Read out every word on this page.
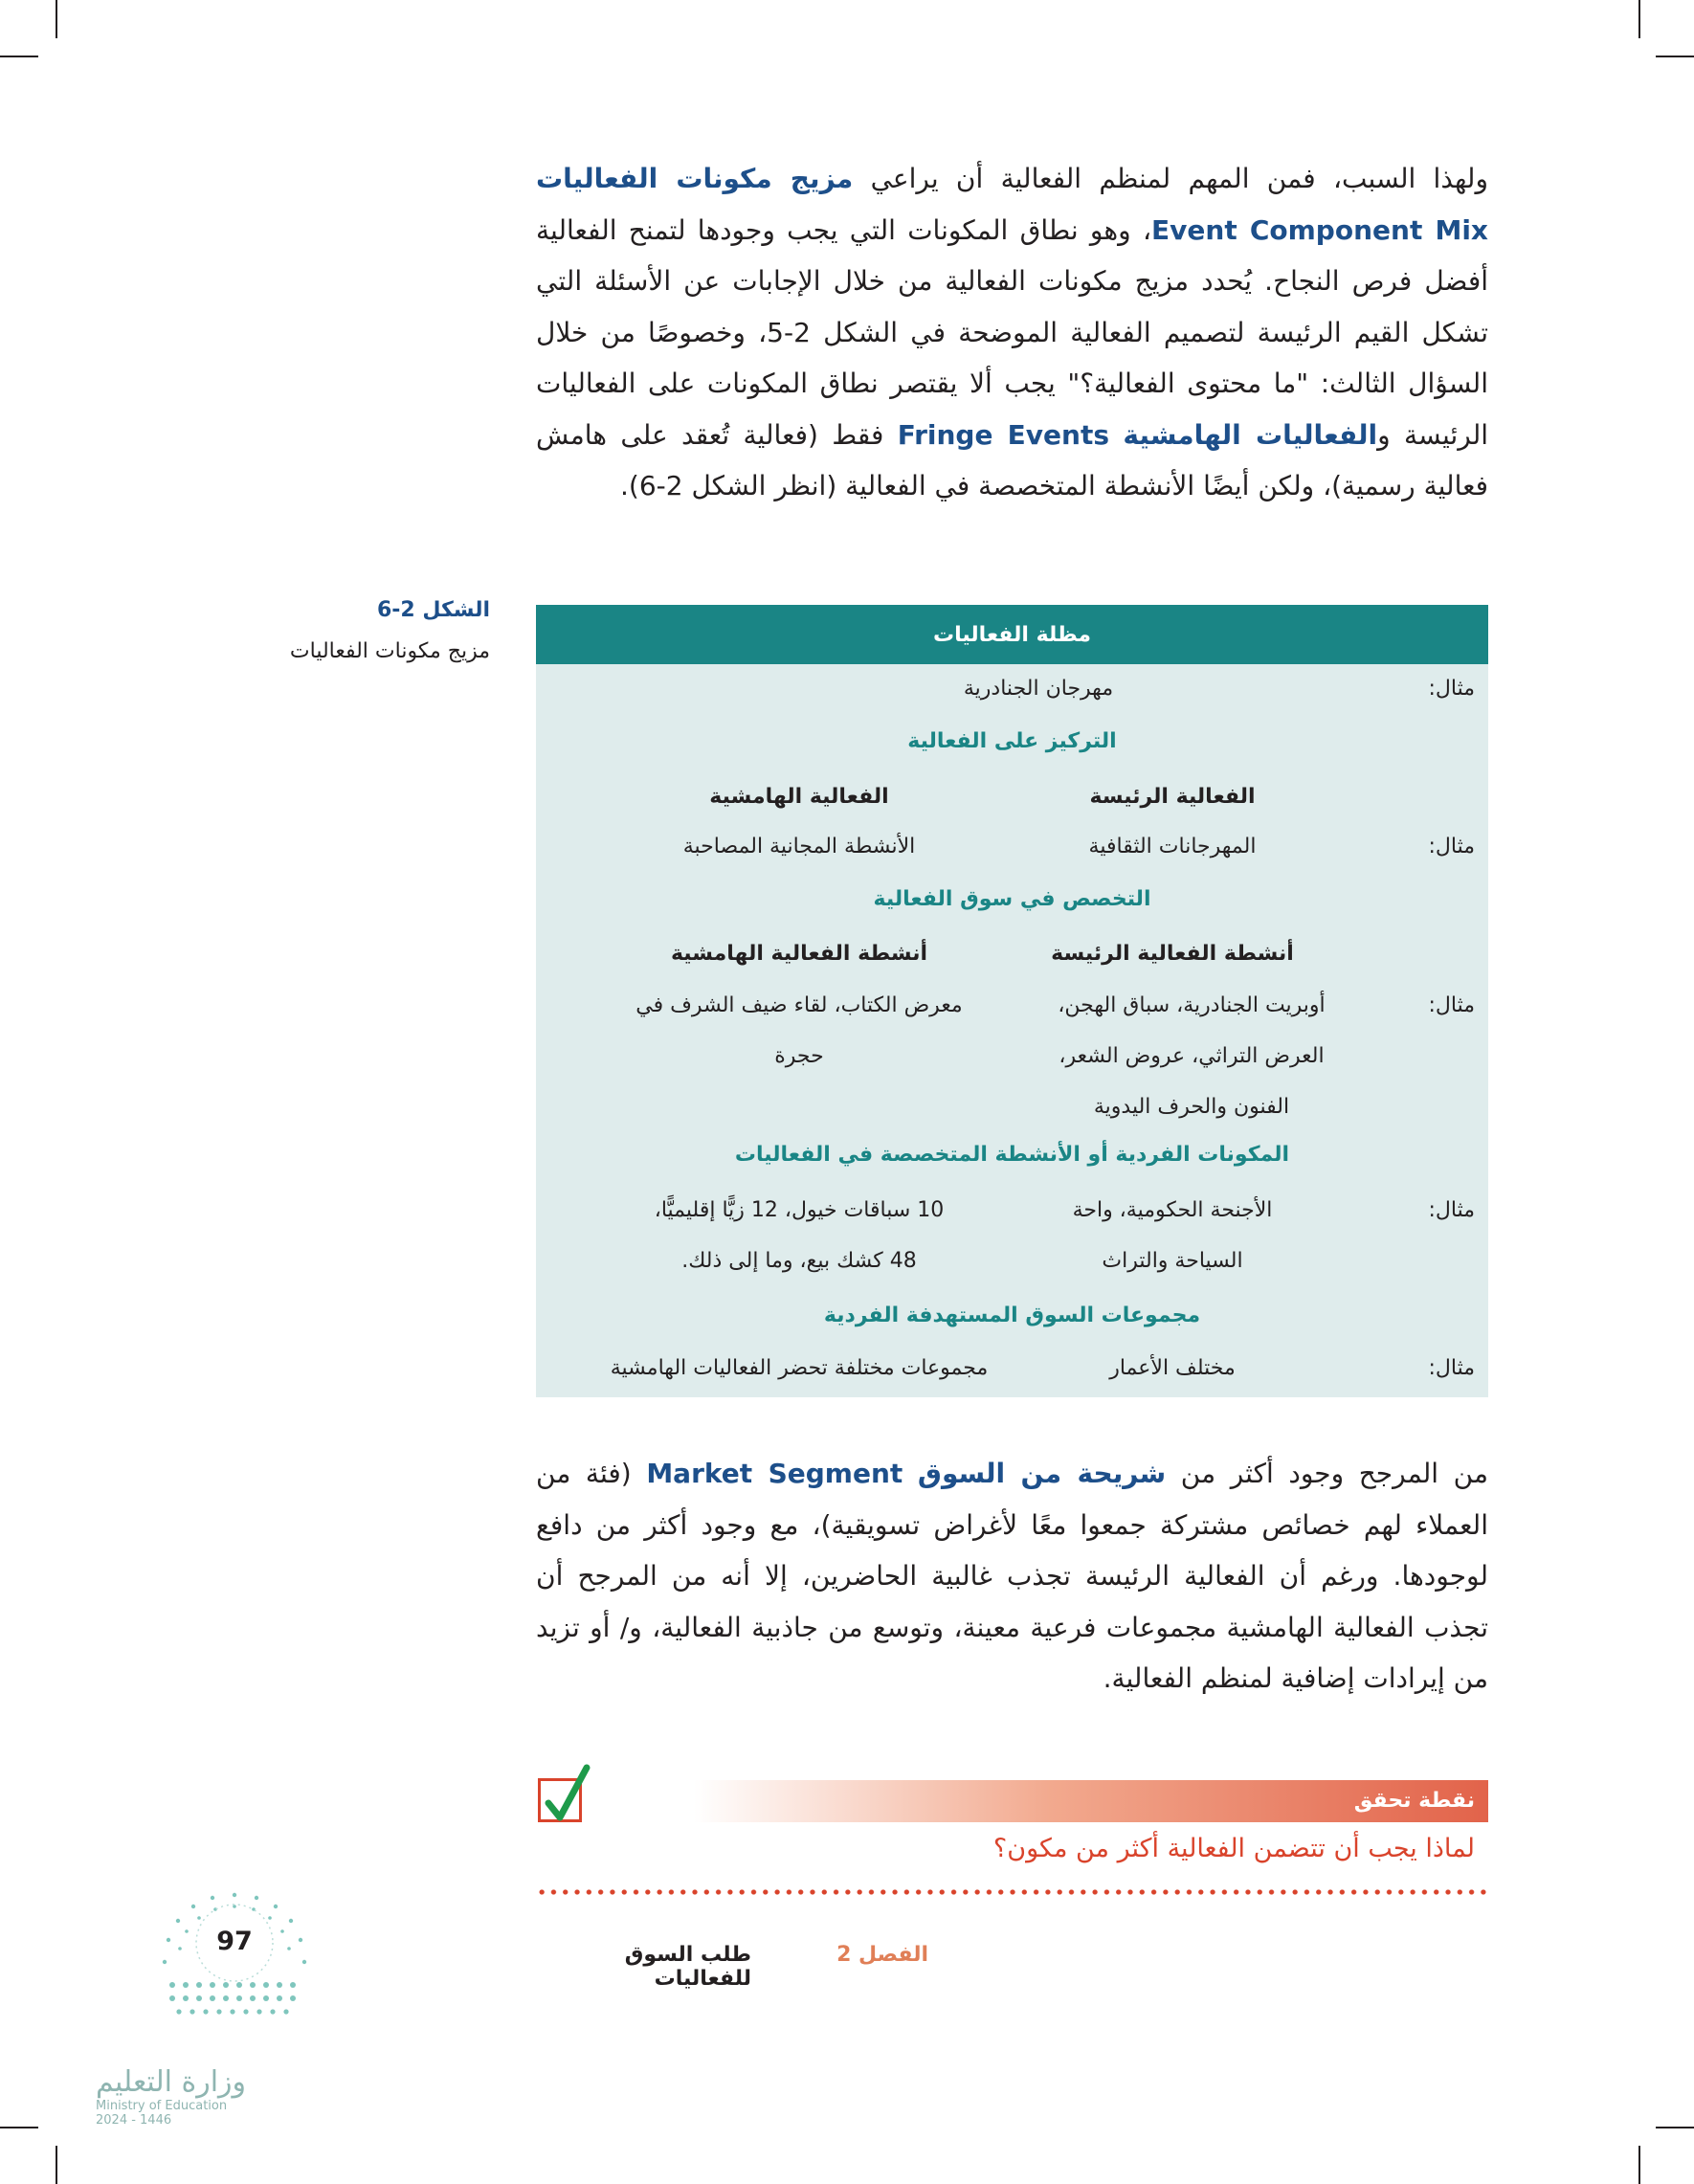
ولهذا السبب، فمن المهم لمنظم الفعالية أن يراعي مزيج مكونات الفعاليات Event Component Mix، وهو نطاق المكونات التي يجب وجودها لتمنح الفعالية أفضل فرص النجاح. يُحدد مزيج مكونات الفعالية من خلال الإجابات عن الأسئلة التي تشكل القيم الرئيسة لتصميم الفعالية الموضحة في الشكل 2-5، وخصوصًا من خلال السؤال الثالث: "ما محتوى الفعالية؟" يجب ألا يقتصر نطاق المكونات على الفعاليات الرئيسة والفعاليات الهامشية Fringe Events فقط (فعالية تُعقد على هامش فعالية رسمية)، ولكن أيضًا الأنشطة المتخصصة في الفعالية (انظر الشكل 2-6).

الشكل 2-6
مزيج مكونات الفعاليات
مظلة الفعاليات
مثال:
مهرجان الجنادرية
التركيز على الفعالية
الفعالية الرئيسة
الفعالية الهامشية
مثال:
المهرجانات الثقافية
الأنشطة المجانية المصاحبة
التخصص في سوق الفعالية
أنشطة الفعالية الرئيسة
أنشطة الفعالية الهامشية
مثال:
أوبريت الجنادرية، سباق الهجن،
العرض التراثي، عروض الشعر،
الفنون والحرف اليدوية
معرض الكتاب، لقاء ضيف الشرف في
حجرة
المكونات الفردية أو الأنشطة المتخصصة في الفعاليات
مثال:
الأجنحة الحكومية، واحة
السياحة والتراث
10 سباقات خيول، 12 زيًّا إقليميًّا،
48 كشك بيع، وما إلى ذلك.
مجموعات السوق المستهدفة الفردية
مثال:
مختلف الأعمار
مجموعات مختلفة تحضر الفعاليات الهامشية

من المرجح وجود أكثر من شريحة من السوق Market Segment (فئة من العملاء لهم خصائص مشتركة جمعوا معًا لأغراض تسويقية)، مع وجود أكثر من دافع لوجودها. ورغم أن الفعالية الرئيسة تجذب غالبية الحاضرين، إلا أنه من المرجح أن تجذب الفعالية الهامشية مجموعات فرعية معينة، وتوسع من جاذبية الفعالية، و/ أو تزيد من إيرادات إضافية لمنظم الفعالية.

نقطة تحقق
لماذا يجب أن تتضمن الفعالية أكثر من مكون؟
الفصل 2
طلب السوق للفعاليات
97
وزارة التعليم
Ministry of Education
2024 - 1446
